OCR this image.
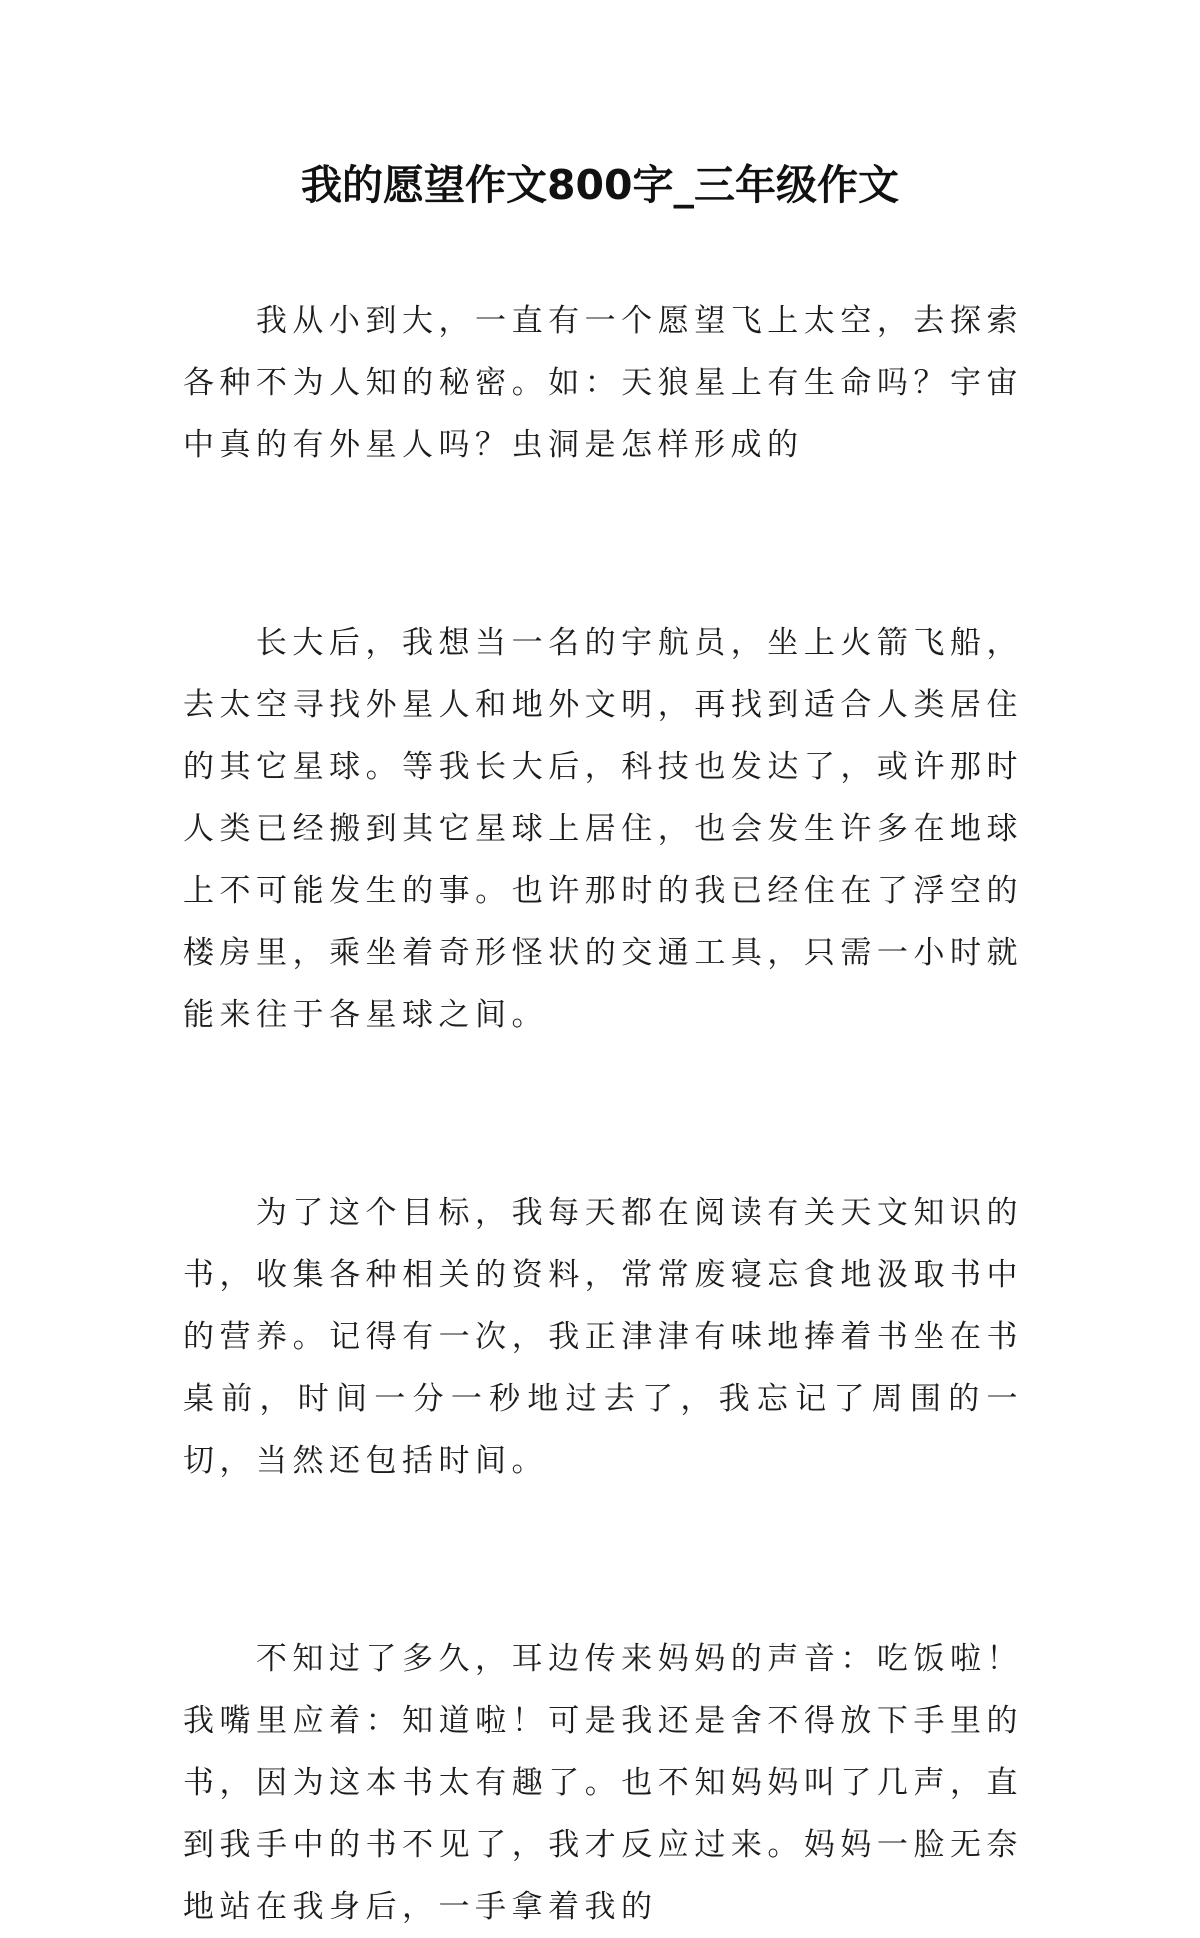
我的愿望作文800字_三年级作文

我从小到大，一直有一个愿望飞上太空，去探索各种不为人知的秘密。如：天狼星上有生命吗？宇宙中真的有外星人吗？虫洞是怎样形成的

长大后，我想当一名的宇航员，坐上火箭飞船，去太空寻找外星人和地外文明，再找到适合人类居住的其它星球。等我长大后，科技也发达了，或许那时人类已经搬到其它星球上居住，也会发生许多在地球上不可能发生的事。也许那时的我已经住在了浮空的楼房里，乘坐着奇形怪状的交通工具，只需一小时就能来往于各星球之间。

为了这个目标，我每天都在阅读有关天文知识的书，收集各种相关的资料，常常废寝忘食地汲取书中的营养。记得有一次，我正津津有味地捧着书坐在书桌前，时间一分一秒地过去了，我忘记了周围的一切，当然还包括时间。

不知过了多久，耳边传来妈妈的声音：吃饭啦！我嘴里应着：知道啦！可是我还是舍不得放下手里的书，因为这本书太有趣了。也不知妈妈叫了几声，直到我手中的书不见了，我才反应过来。妈妈一脸无奈地站在我身后，一手拿着我的
